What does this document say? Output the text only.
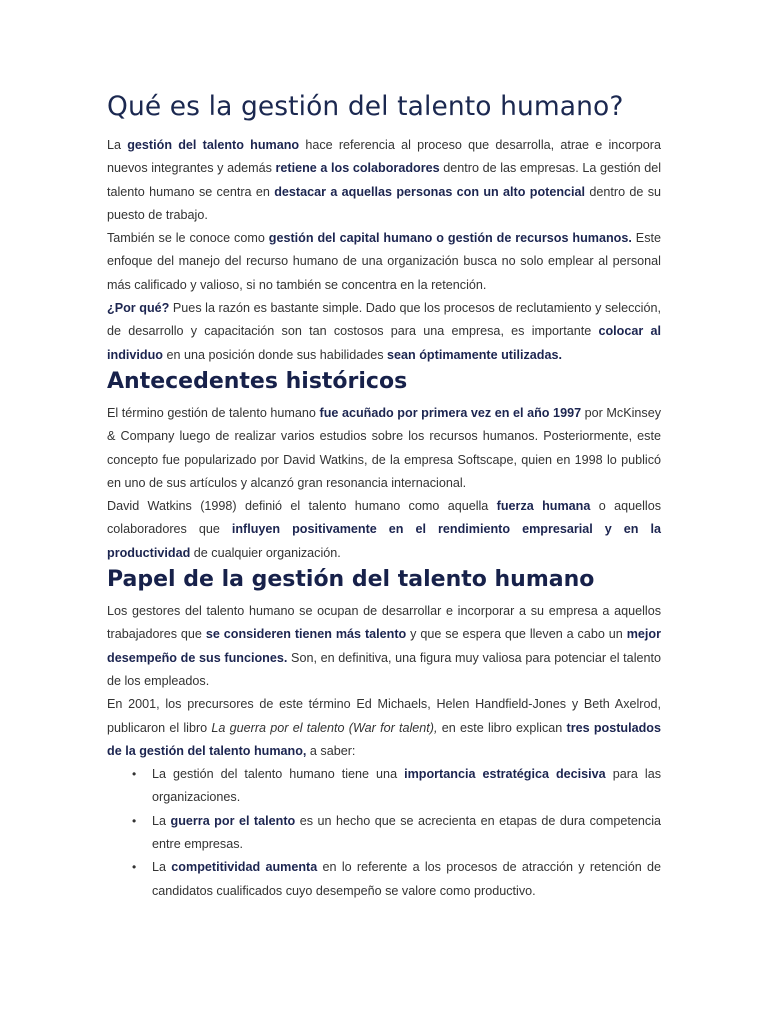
Qué es la gestión del talento humano?

La gestión del talento humano hace referencia al proceso que desarrolla, atrae e incorpora nuevos integrantes y además retiene a los colaboradores dentro de las empresas. La gestión del talento humano se centra en destacar a aquellas personas con un alto potencial dentro de su puesto de trabajo.

También se le conoce como gestión del capital humano o gestión de recursos humanos. Este enfoque del manejo del recurso humano de una organización busca no solo emplear al personal más calificado y valioso, si no también se concentra en la retención.

¿Por qué? Pues la razón es bastante simple. Dado que los procesos de reclutamiento y selección, de desarrollo y capacitación son tan costosos para una empresa, es importante colocar al individuo en una posición donde sus habilidades sean óptimamente utilizadas.

Antecedentes históricos

El término gestión de talento humano fue acuñado por primera vez en el año 1997 por McKinsey & Company luego de realizar varios estudios sobre los recursos humanos. Posteriormente, este concepto fue popularizado por David Watkins, de la empresa Softscape, quien en 1998 lo publicó en uno de sus artículos y alcanzó gran resonancia internacional.

David Watkins (1998) definió el talento humano como aquella fuerza humana o aquellos colaboradores que influyen positivamente en el rendimiento empresarial y en la productividad de cualquier organización.

Papel de la gestión del talento humano

Los gestores del talento humano se ocupan de desarrollar e incorporar a su empresa a aquellos trabajadores que se consideren tienen más talento y que se espera que lleven a cabo un mejor desempeño de sus funciones. Son, en definitiva, una figura muy valiosa para potenciar el talento de los empleados.

En 2001, los precursores de este término Ed Michaels, Helen Handfield-Jones y Beth Axelrod, publicaron el libro La guerra por el talento (War for talent), en este libro explican tres postulados de la gestión del talento humano, a saber:

• La gestión del talento humano tiene una importancia estratégica decisiva para las organizaciones.
• La guerra por el talento es un hecho que se acrecienta en etapas de dura competencia entre empresas.
• La competitividad aumenta en lo referente a los procesos de atracción y retención de candidatos cualificados cuyo desempeño se valore como productivo.
